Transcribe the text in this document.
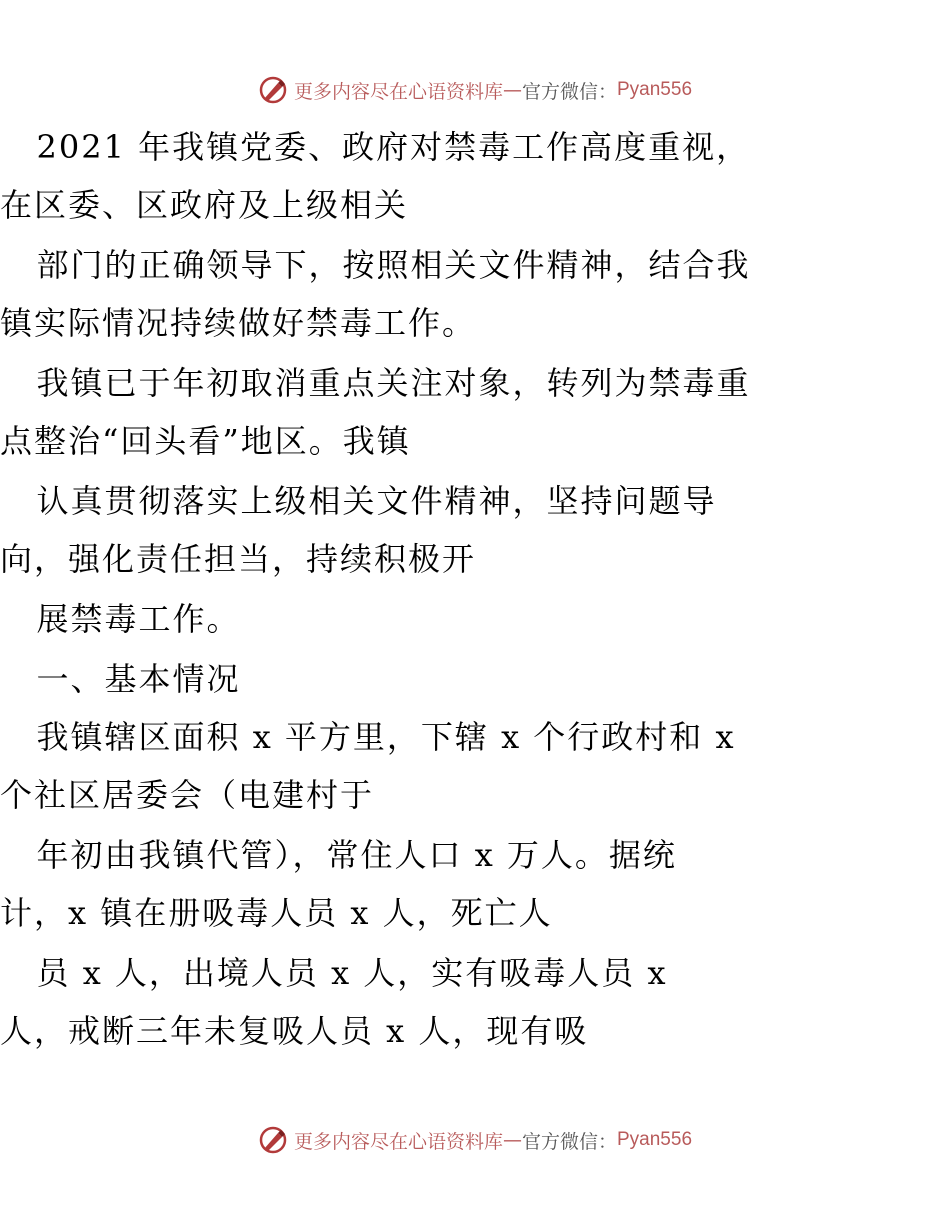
更多内容尽在心语资料库 — 官方微信： Pyan556
2021 年我镇党委、政府对禁毒工作高度重视，
在区委、区政府及上级相关
部门的正确领导下，按照相关文件精神，结合我
镇实际情况持续做好禁毒工作。
我镇已于年初取消重点关注对象，转列为禁毒重
点整治“回头看”地区。我镇
认真贯彻落实上级相关文件精神，坚持问题导
向，强化责任担当，持续积极开
展禁毒工作。
一、基本情况
我镇辖区面积 x 平方里，下辖 x 个行政村和 x
个社区居委会（电建村于
年初由我镇代管），常住人口 x 万人。据统
计，x 镇在册吸毒人员 x 人，死亡人
员 x 人，出境人员 x 人，实有吸毒人员 x
人，戒断三年未复吸人员 x 人，现有吸
更多内容尽在心语资料库 — 官方微信： Pyan556
